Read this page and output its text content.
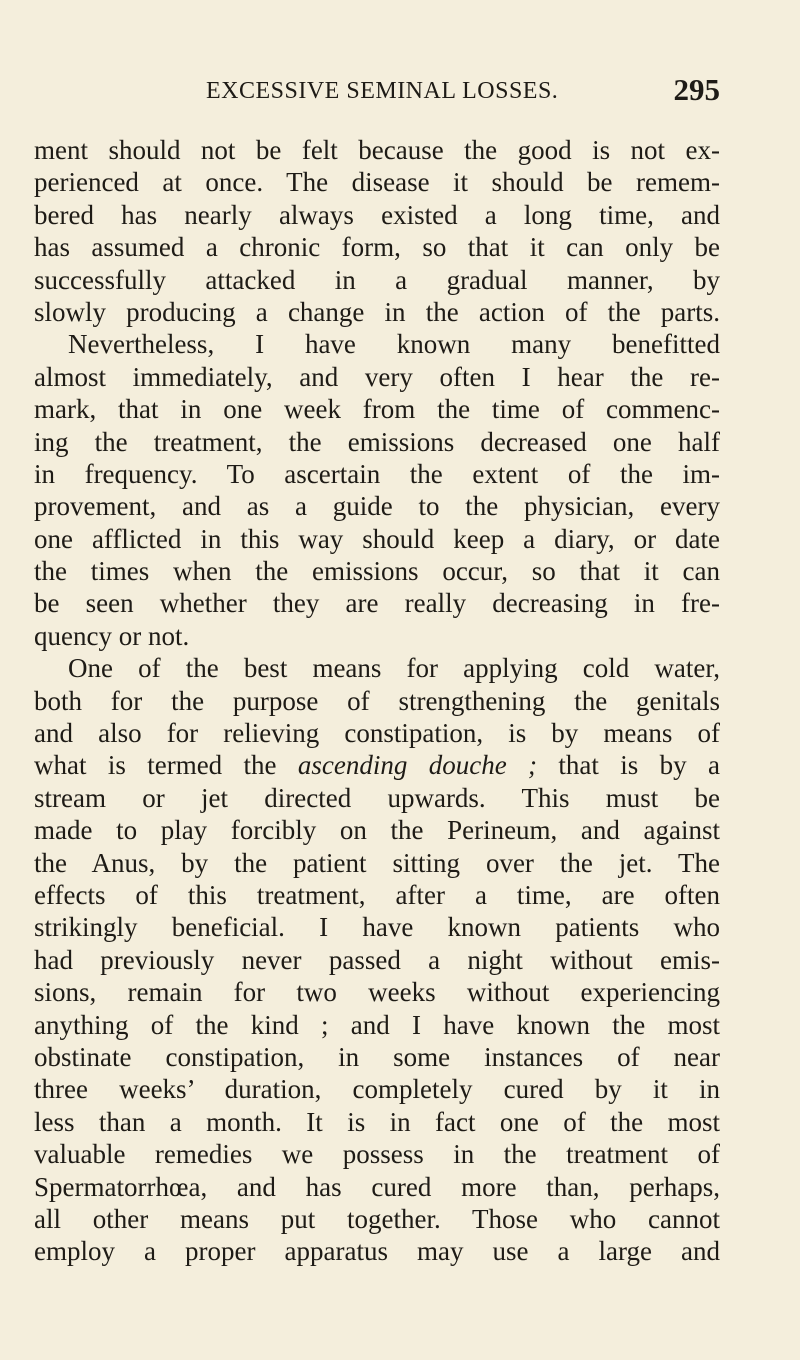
EXCESSIVE SEMINAL LOSSES.	295
ment should not be felt because the good is not ex-
perienced at once. The disease it should be remem-
bered has nearly always existed a long time, and
has assumed a chronic form, so that it can only be
successfully attacked in a gradual manner, by
slowly producing a change in the action of the parts.
Nevertheless, I have known many benefitted
almost immediately, and very often I hear the re-
mark, that in one week from the time of commenc-
ing the treatment, the emissions decreased one half
in frequency. To ascertain the extent of the im-
provement, and as a guide to the physician, every
one afflicted in this way should keep a diary, or date
the times when the emissions occur, so that it can
be seen whether they are really decreasing in fre-
quency or not.
One of the best means for applying cold water,
both for the purpose of strengthening the genitals
and also for relieving constipation, is by means of
what is termed the ascending douche ; that is by a
stream or jet directed upwards. This must be
made to play forcibly on the Perineum, and against
the Anus, by the patient sitting over the jet. The
effects of this treatment, after a time, are often
strikingly beneficial. I have known patients who
had previously never passed a night without emis-
sions, remain for two weeks without experiencing
anything of the kind ; and I have known the most
obstinate constipation, in some instances of near
three weeks’ duration, completely cured by it in
less than a month. It is in fact one of the most
valuable remedies we possess in the treatment of
Spermatorrhœa, and has cured more than, perhaps,
all other means put together. Those who cannot
employ a proper apparatus may use a large and
